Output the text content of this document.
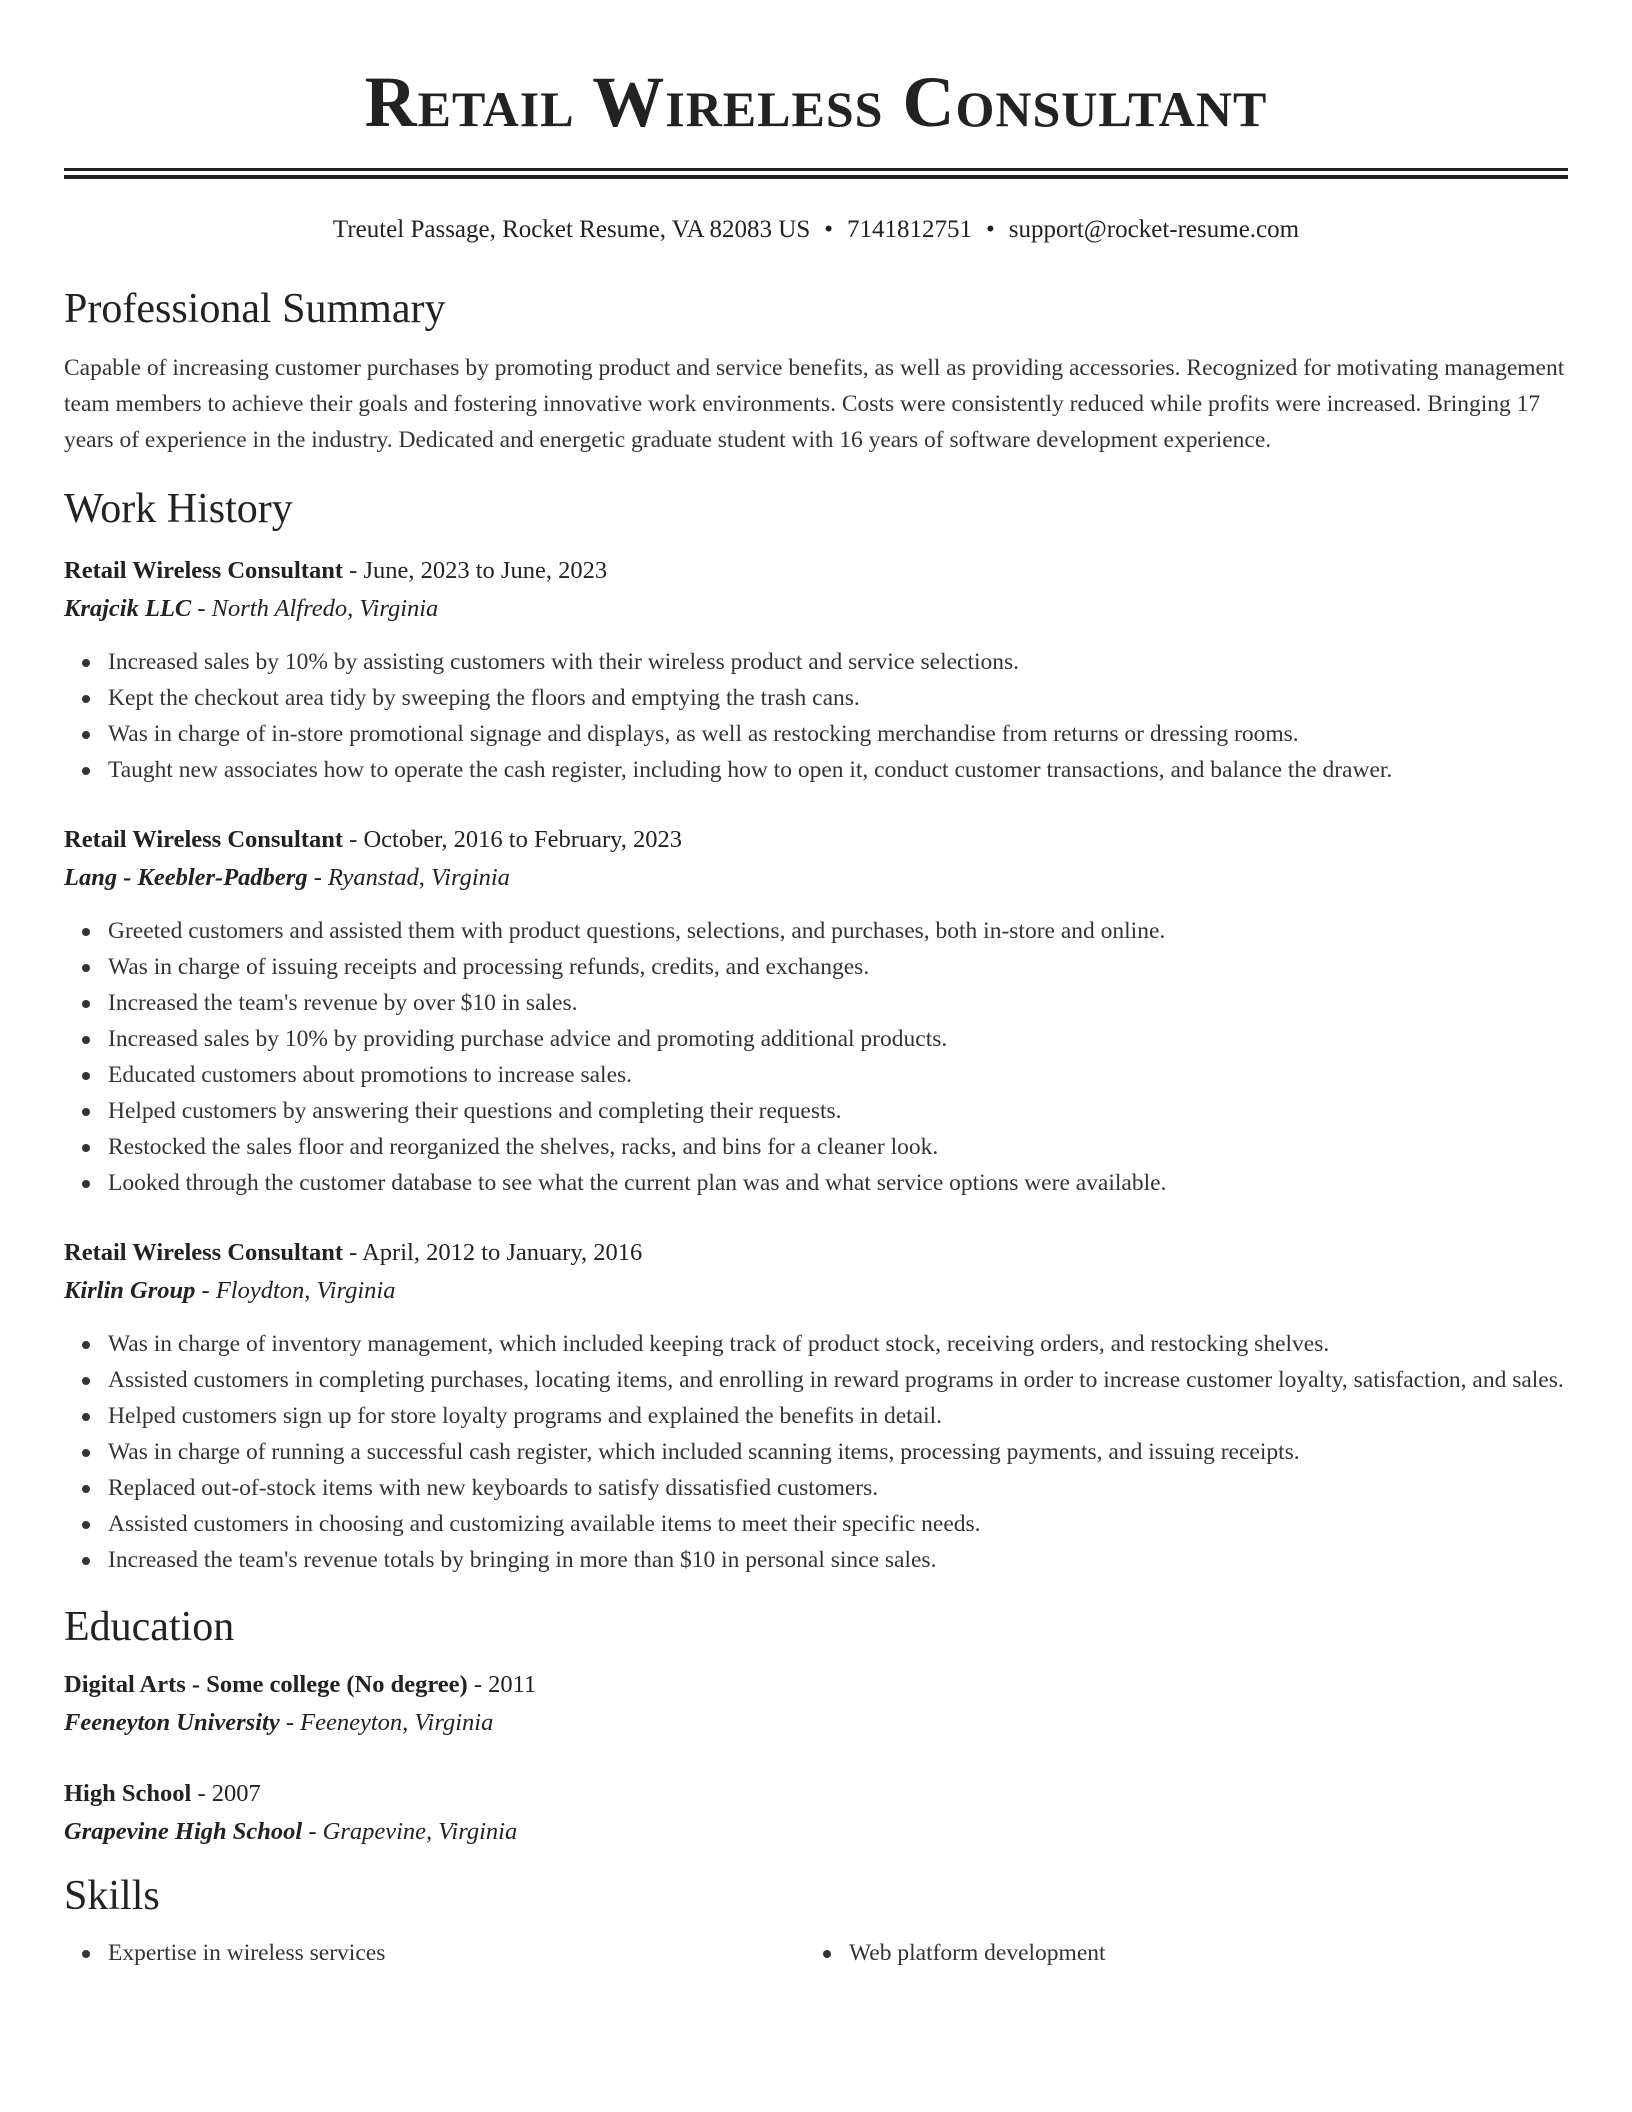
Retail Wireless Consultant
Treutel Passage, Rocket Resume, VA 82083 US • 7141812751 • support@rocket-resume.com
Professional Summary
Capable of increasing customer purchases by promoting product and service benefits, as well as providing accessories. Recognized for motivating management team members to achieve their goals and fostering innovative work environments. Costs were consistently reduced while profits were increased. Bringing 17 years of experience in the industry. Dedicated and energetic graduate student with 16 years of software development experience.
Work History
Retail Wireless Consultant - June, 2023 to June, 2023
Krajcik LLC - North Alfredo, Virginia
Increased sales by 10% by assisting customers with their wireless product and service selections.
Kept the checkout area tidy by sweeping the floors and emptying the trash cans.
Was in charge of in-store promotional signage and displays, as well as restocking merchandise from returns or dressing rooms.
Taught new associates how to operate the cash register, including how to open it, conduct customer transactions, and balance the drawer.
Retail Wireless Consultant - October, 2016 to February, 2023
Lang - Keebler-Padberg - Ryanstad, Virginia
Greeted customers and assisted them with product questions, selections, and purchases, both in-store and online.
Was in charge of issuing receipts and processing refunds, credits, and exchanges.
Increased the team's revenue by over $10 in sales.
Increased sales by 10% by providing purchase advice and promoting additional products.
Educated customers about promotions to increase sales.
Helped customers by answering their questions and completing their requests.
Restocked the sales floor and reorganized the shelves, racks, and bins for a cleaner look.
Looked through the customer database to see what the current plan was and what service options were available.
Retail Wireless Consultant - April, 2012 to January, 2016
Kirlin Group - Floydton, Virginia
Was in charge of inventory management, which included keeping track of product stock, receiving orders, and restocking shelves.
Assisted customers in completing purchases, locating items, and enrolling in reward programs in order to increase customer loyalty, satisfaction, and sales.
Helped customers sign up for store loyalty programs and explained the benefits in detail.
Was in charge of running a successful cash register, which included scanning items, processing payments, and issuing receipts.
Replaced out-of-stock items with new keyboards to satisfy dissatisfied customers.
Assisted customers in choosing and customizing available items to meet their specific needs.
Increased the team's revenue totals by bringing in more than $10 in personal since sales.
Education
Digital Arts - Some college (No degree) - 2011
Feeneyton University - Feeneyton, Virginia
High School - 2007
Grapevine High School - Grapevine, Virginia
Skills
Expertise in wireless services	Web platform development
